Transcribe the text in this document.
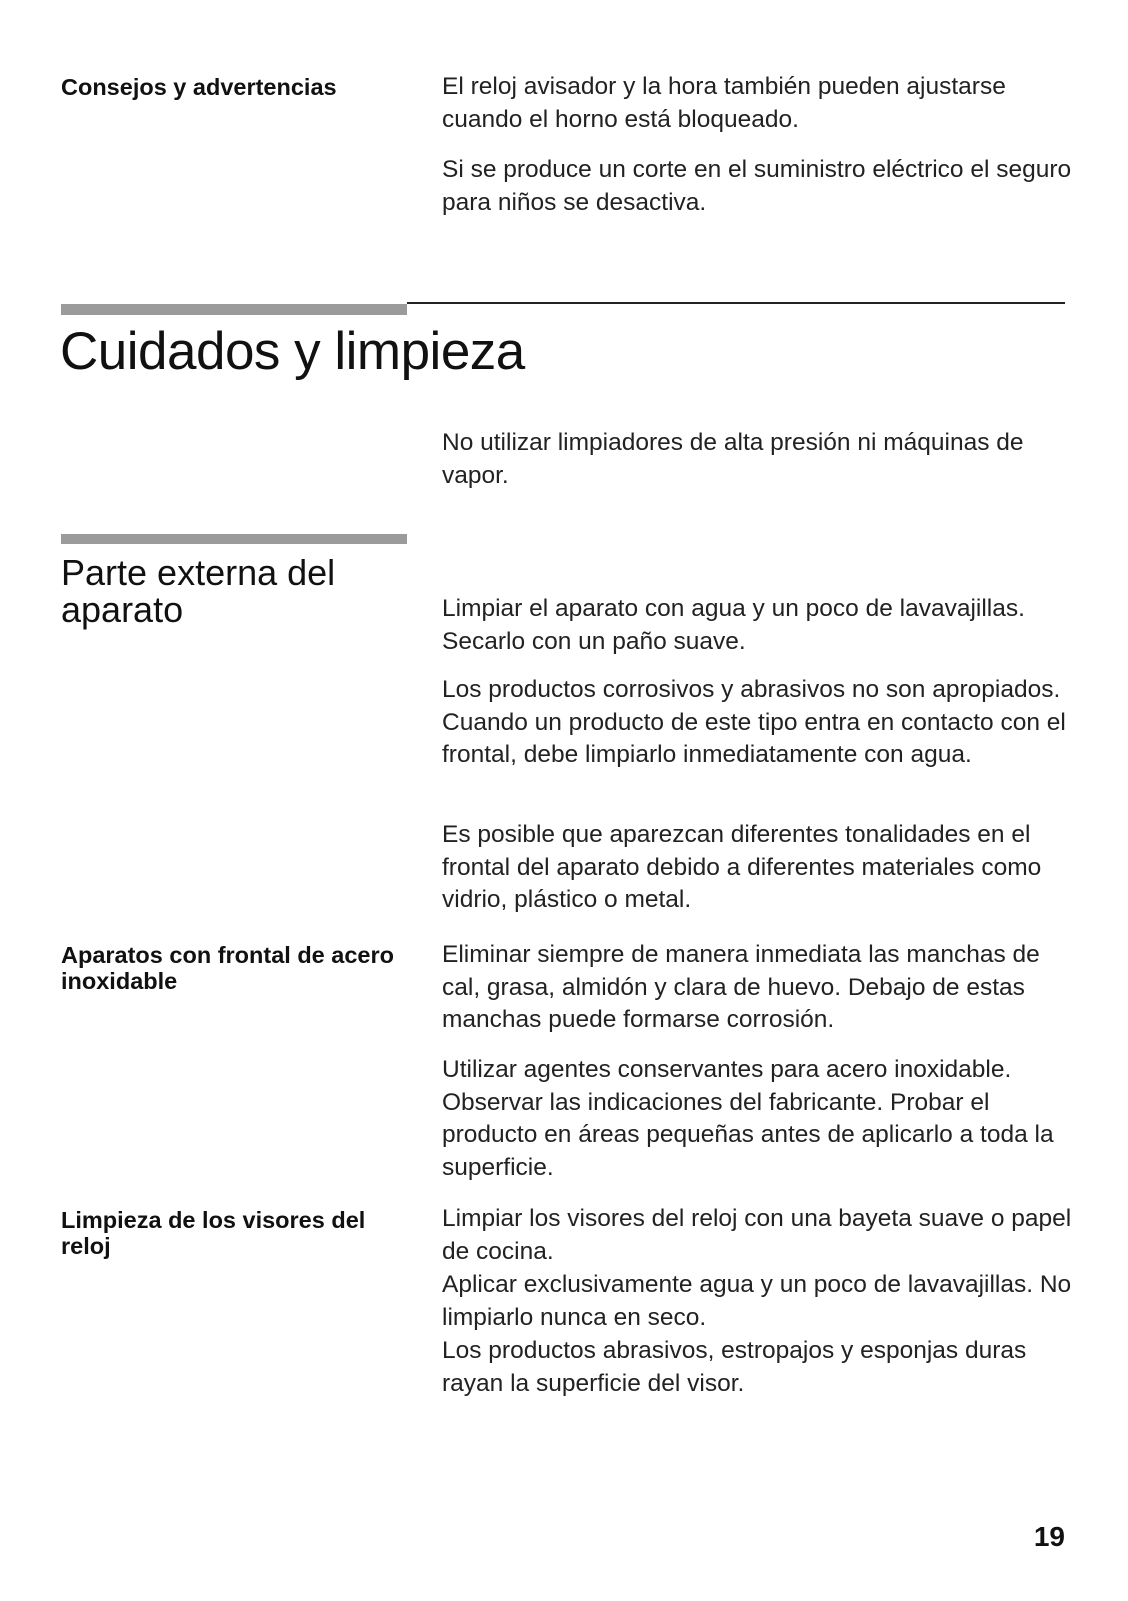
Consejos y advertencias	El reloj avisador y la hora también pueden ajustarse cuando el horno está bloqueado.

Si se produce un corte en el suministro eléctrico el seguro para niños se desactiva.

Cuidados y limpieza

No utilizar limpiadores de alta presión ni máquinas de vapor.

Parte externa del aparato	Limpiar el aparato con agua y un poco de lavavajillas. Secarlo con un paño suave.

Los productos corrosivos y abrasivos no son apropiados. Cuando un producto de este tipo entra en contacto con el frontal, debe limpiarlo inmediatamente con agua.

Es posible que aparezcan diferentes tonalidades en el frontal del aparato debido a diferentes materiales como vidrio, plástico o metal.

Aparatos con frontal de acero inoxidable

Eliminar siempre de manera inmediata las manchas de cal, grasa, almidón y clara de huevo. Debajo de estas manchas puede formarse corrosión.

Utilizar agentes conservantes para acero inoxidable. Observar las indicaciones del fabricante. Probar el producto en áreas pequeñas antes de aplicarlo a toda la superficie.

Limpieza de los visores del reloj

Limpiar los visores del reloj con una bayeta suave o papel de cocina.

Aplicar exclusivamente agua y un poco de lavavajillas. No limpiarlo nunca en seco.

Los productos abrasivos, estropajos y esponjas duras rayan la superficie del visor.

19
